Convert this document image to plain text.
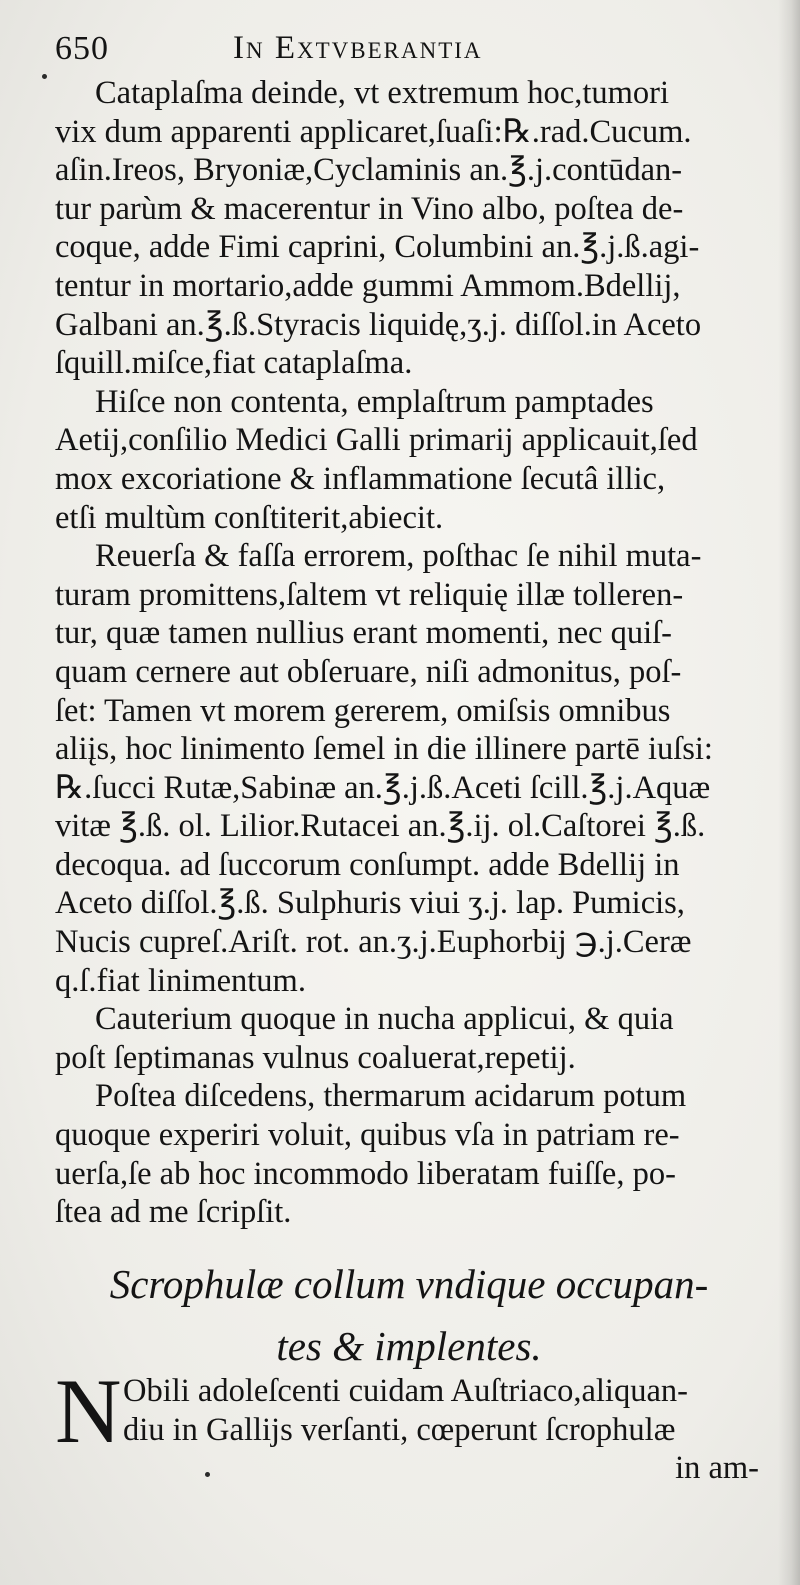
650	In Extvberantia

Cataplaſma deinde, vt extremum hoc,tumori
vix dum apparenti applicaret,ſuaſi:℞.rad.Cucum.
aſin.Ireos, Bryoniæ,Cyclaminis an.℥.j.contūdan-
tur parùm & macerentur in Vino albo, poſtea de-
coque, adde Fimi caprini, Columbini an.℥.j.ß.agi-
tentur in mortario,adde gummi Ammom.Bdellij,
Galbani an.℥.ß.Styracis liquidę,ʒ.j. diſſol.in Aceto
ſquill.miſce,fiat cataplaſma.

Hiſce non contenta, emplaſtrum pamptades
Aetij,conſilio Medici Galli primarij applicauit,ſed
mox excoriatione & inflammatione ſecutâ illic,
etſi multùm conſtiterit,abiecit.

Reuerſa & faſſa errorem, poſthac ſe nihil muta-
turam promittens,ſaltem vt reliquię illæ tolleren-
tur, quæ tamen nullius erant momenti, nec quiſ-
quam cernere aut obſeruare, niſi admonitus, poſ-
ſet: Tamen vt morem gererem, omiſsis omnibus
aliįs, hoc linimento ſemel in die illinere partē iuſsi:
℞.ſucci Rutæ,Sabinæ an.℥.j.ß.Aceti ſcill.℥.j.Aquæ
vitæ ℥.ß. ol. Lilior.Rutacei an.℥.ij. ol.Caſtorei ℥.ß.
decoqua. ad ſuccorum conſumpt. adde Bdellij in
Aceto diſſol.℥.ß. Sulphuris viui ʒ.j. lap. Pumicis,
Nucis cupreſ.Ariſt. rot. an.ʒ.j.Euphorbij ℈.j.Ceræ
q.ſ.fiat linimentum.

Cauterium quoque in nucha applicui, & quia
poſt ſeptimanas vulnus coaluerat,repetij.

Poſtea diſcedens, thermarum acidarum potum
quoque experiri voluit, quibus vſa in patriam re-
uerſa,ſe ab hoc incommodo liberatam fuiſſe, po-
ſtea ad me ſcripſit.

Scrophulæ collum vndique occupan-
tes & implentes.
N Obili adoleſcenti cuidam Auſtriaco,aliquan-
diu in Gallijs verſanti, cœperunt ſcrophulæ
in am-
